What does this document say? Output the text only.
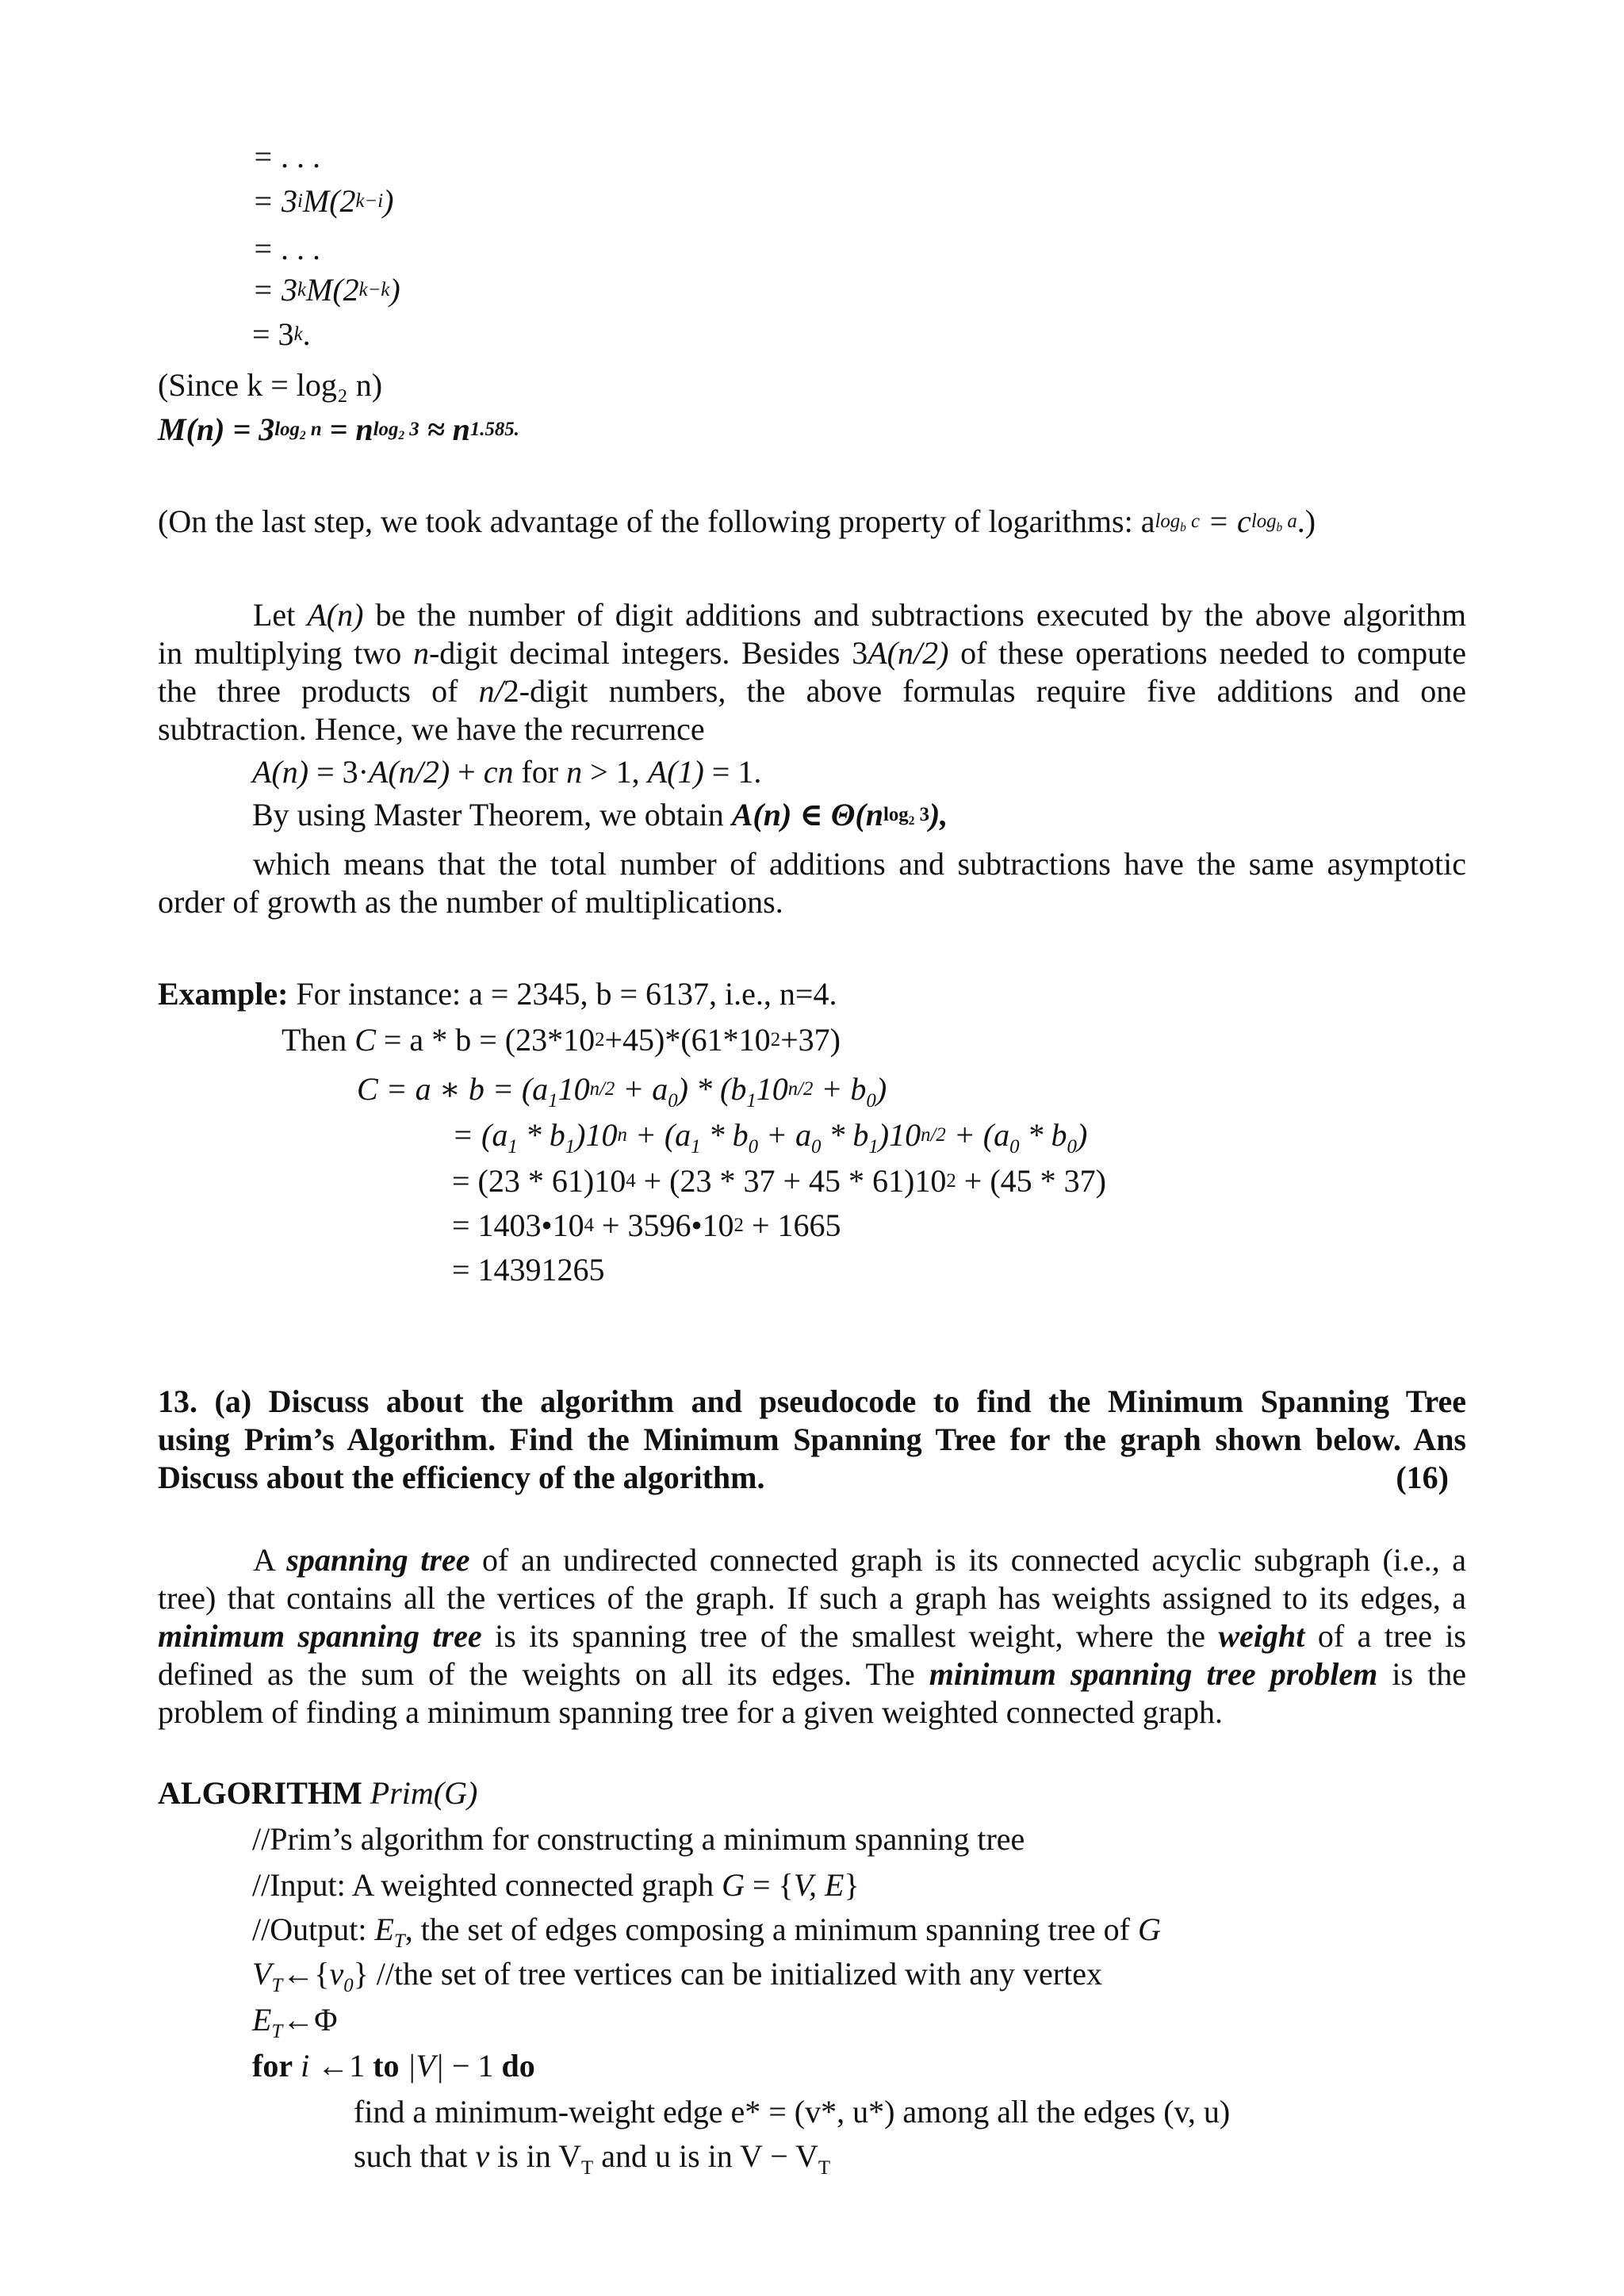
= . . .
= $3^iM(2^{k-i})$
= . . .
= $3^kM(2^{k-k})$
= $3^k$.
(Since k = log₂ n)
$M(n) = 3^{log_2 n} = n^{log_2 3} \approx n^{1.585.}$
(On the last step, we took advantage of the following property of logarithms: $a^{log_b c} = c^{log_b a}$.)
Let A(n) be the number of digit additions and subtractions executed by the above algorithm
in multiplying two n-digit decimal integers. Besides 3A(n/2) of these operations needed to compute
the three products of n/2-digit numbers, the above formulas require five additions and one
subtraction. Hence, we have the recurrence
A(n) = 3·A(n/2) + cn for n > 1, A(1) = 1.
By using Master Theorem, we obtain A(n) ∈ $\Theta(n^{log_2 3})$,
which means that the total number of additions and subtractions have the same asymptotic
order of growth as the number of multiplications.
Example: For instance: a = 2345, b = 6137, i.e., n=4.
Then $C = a * b = (23*10^2+45)*(61*10^2+37)$
C = a ∗ $b = (a_110^{n/2} + a_0) * (b_110^{n/2} + b_0)$
= $(a_1 * b_1)10^n + (a_1 * b_0 + a_0 * b_1)10^{n/2} + (a_0 * b_0)$
= $(23 * 61)10^4 + (23 * 37 + 45 * 61)10^2 + (45 * 37)$
= $1403•10^4$ + $3596•10^2 + 1665$
= 14391265
13. (a) Discuss about the algorithm and pseudocode to find the Minimum Spanning Tree
using Prim’s Algorithm. Find the Minimum Spanning Tree for the graph shown below. Ans
Discuss about the efficiency of the algorithm.	(16)
A spanning tree of an undirected connected graph is its connected acyclic subgraph (i.e., a
tree) that contains all the vertices of the graph. If such a graph has weights assigned to its edges, a
minimum spanning tree is its spanning tree of the smallest weight, where the weight of a tree is
defined as the sum of the weights on all its edges. The minimum spanning tree problem is the
problem of finding a minimum spanning tree for a given weighted connected graph.
ALGORITHM Prim(G)
//Prim’s algorithm for constructing a minimum spanning tree
//Input: A weighted connected graph G = {V, E}
//Output: $E_T$, the set of edges composing a minimum spanning tree of G
$V_T\leftarrow\{v_0\}$ //the set of tree vertices can be initialized with any vertex
$E_T\leftarrow\Phi$
for i ←1 to |V| − 1 do
find a minimum-weight edge e* = (v*, u*) among all the edges (v, u)
such that v is in $V_T$ and u is in $V - V_T$
